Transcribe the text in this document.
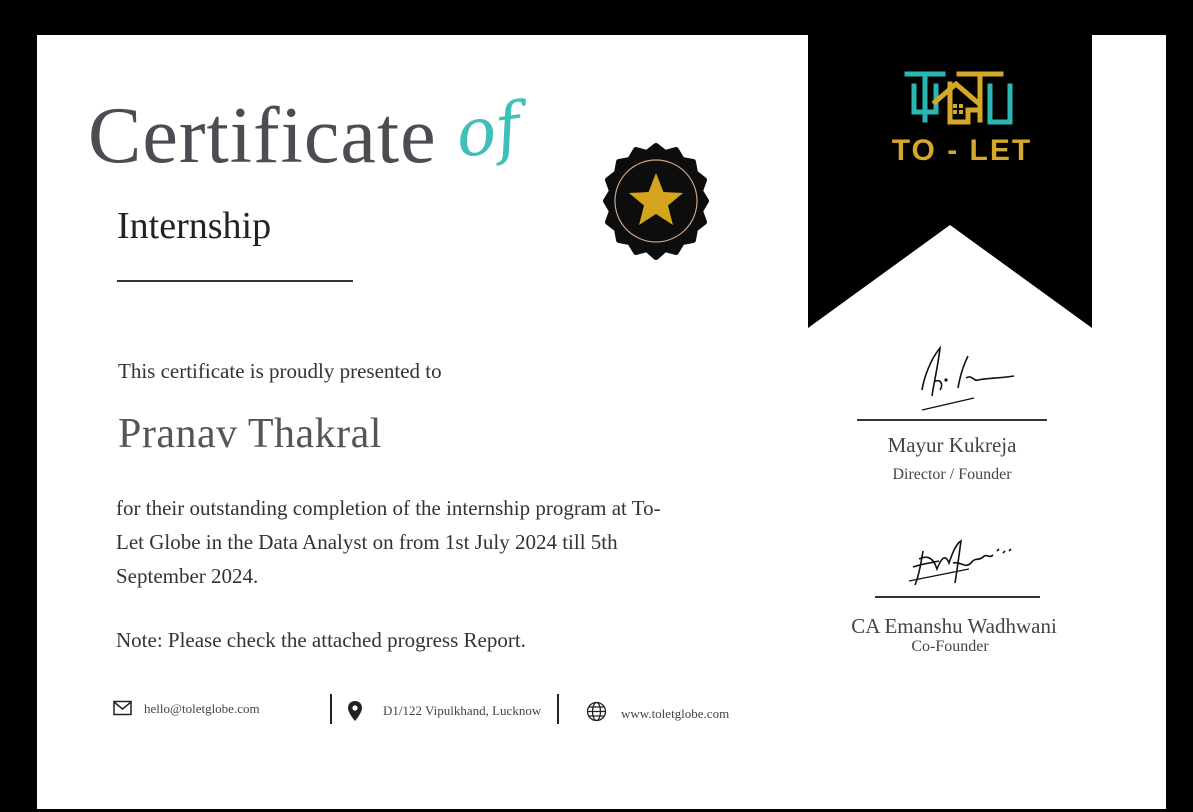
Certificate of
Internship
TO - LET
This certificate is proudly presented to
Pranav Thakral
for their outstanding completion of the internship program at To-Let Globe in the Data Analyst on from 1st July 2024 till 5th September 2024.
Note: Please check the attached progress Report.
Mayur Kukreja
Director / Founder
CA Emanshu Wadhwani
Co-Founder
hello@toletglobe.com	D1/122 Vipulkhand, Lucknow	www.toletglobe.com
